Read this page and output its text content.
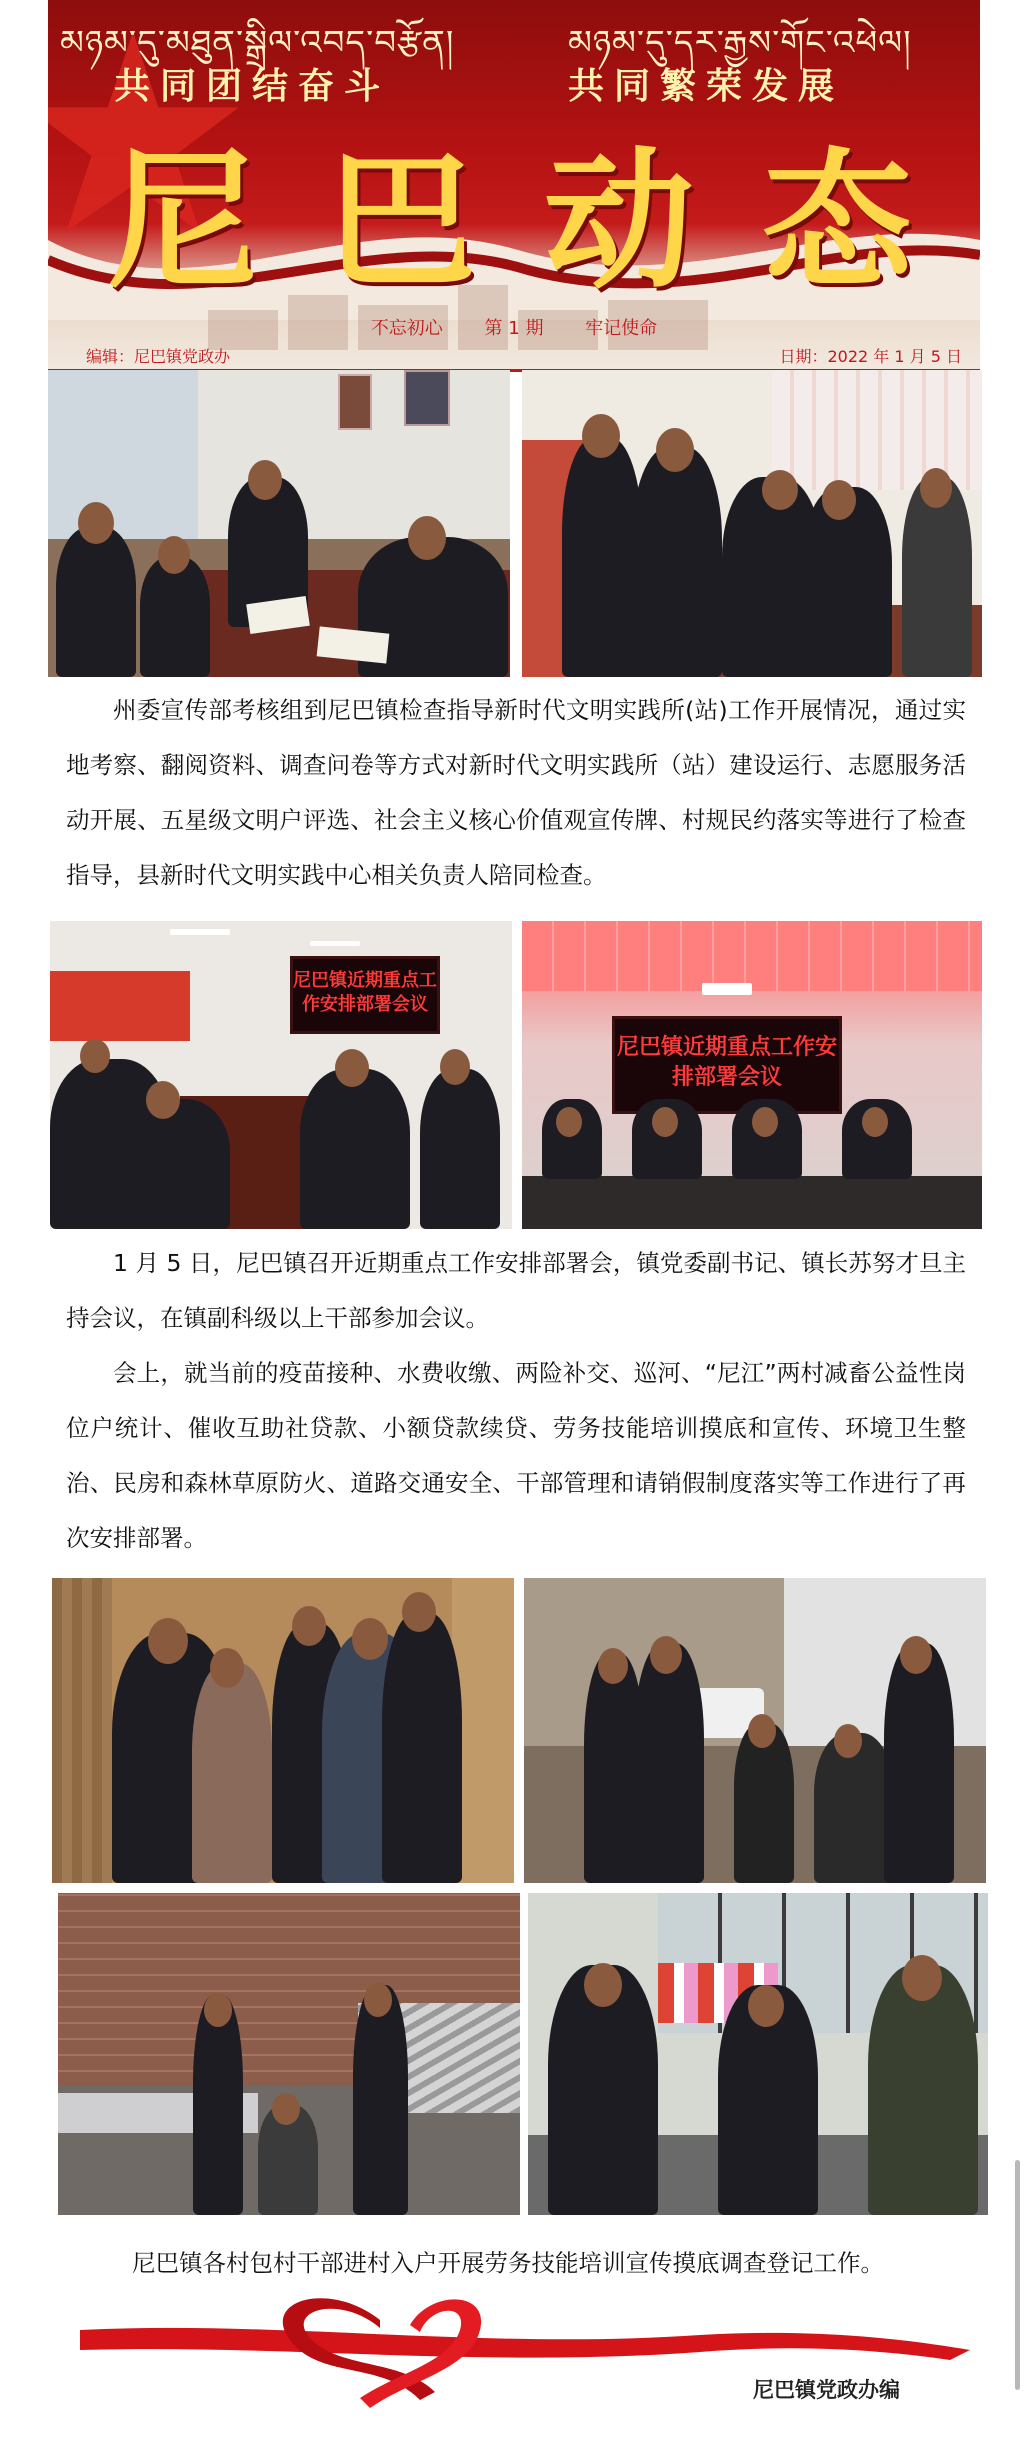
མཉམ་དུ་མཐུན་སྒྲིལ་འབད་བརྩོན།	མཉམ་དུ་དར་རྒྱས་གོང་འཕེལ།
共同团结奋斗	共同繁荣发展
尼巴动态
不忘初心 第 1 期 牢记使命
编辑：尼巴镇党政办	日期：2022 年 1 月 5 日

州委宣传部考核组到尼巴镇检查指导新时代文明实践所(站)工作开展情况，通过实地考察、翻阅资料、调查问卷等方式对新时代文明实践所（站）建设运行、志愿服务活动开展、五星级文明户评选、社会主义核心价值观宣传牌、村规民约落实等进行了检查指导，县新时代文明实践中心相关负责人陪同检查。

尼巴镇近期重点工作安排部署会议
尼巴镇近期重点工作安排部署会议

1 月 5 日，尼巴镇召开近期重点工作安排部署会，镇党委副书记、镇长苏努才旦主持会议，在镇副科级以上干部参加会议。

会上，就当前的疫苗接种、水费收缴、两险补交、巡河、“尼江”两村减畜公益性岗位户统计、催收互助社贷款、小额贷款续贷、劳务技能培训摸底和宣传、环境卫生整治、民房和森林草原防火、道路交通安全、干部管理和请销假制度落实等工作进行了再次安排部署。

尼巴镇各村包村干部进村入户开展劳务技能培训宣传摸底调查登记工作。
尼巴镇党政办编
